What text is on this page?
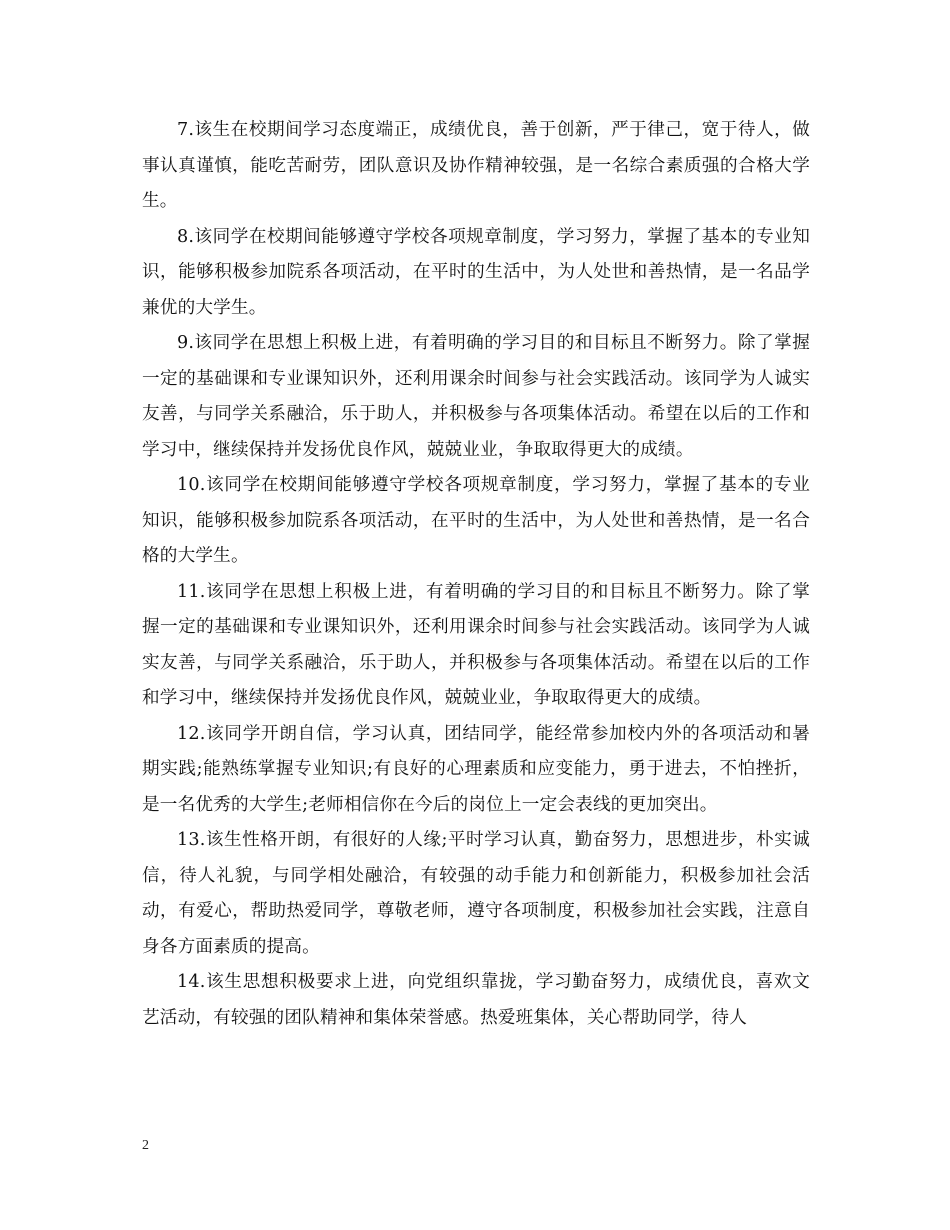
7.该生在校期间学习态度端正，成绩优良，善于创新，严于律己，宽于待人，做事认真谨慎，能吃苦耐劳，团队意识及协作精神较强，是一名综合素质强的合格大学生。

8.该同学在校期间能够遵守学校各项规章制度，学习努力，掌握了基本的专业知识，能够积极参加院系各项活动，在平时的生活中，为人处世和善热情，是一名品学兼优的大学生。

9.该同学在思想上积极上进，有着明确的学习目的和目标且不断努力。除了掌握一定的基础课和专业课知识外，还利用课余时间参与社会实践活动。该同学为人诚实友善，与同学关系融洽，乐于助人，并积极参与各项集体活动。希望在以后的工作和学习中，继续保持并发扬优良作风，兢兢业业，争取取得更大的成绩。

10.该同学在校期间能够遵守学校各项规章制度，学习努力，掌握了基本的专业知识，能够积极参加院系各项活动，在平时的生活中，为人处世和善热情，是一名合格的大学生。

11.该同学在思想上积极上进，有着明确的学习目的和目标且不断努力。除了掌握一定的基础课和专业课知识外，还利用课余时间参与社会实践活动。该同学为人诚实友善，与同学关系融洽，乐于助人，并积极参与各项集体活动。希望在以后的工作和学习中，继续保持并发扬优良作风，兢兢业业，争取取得更大的成绩。

12.该同学开朗自信，学习认真，团结同学，能经常参加校内外的各项活动和暑期实践;能熟练掌握专业知识;有良好的心理素质和应变能力，勇于进去，不怕挫折，是一名优秀的大学生;老师相信你在今后的岗位上一定会表线的更加突出。

13.该生性格开朗，有很好的人缘;平时学习认真，勤奋努力，思想进步，朴实诚信，待人礼貌，与同学相处融洽，有较强的动手能力和创新能力，积极参加社会活动，有爱心，帮助热爱同学，尊敬老师，遵守各项制度，积极参加社会实践，注意自身各方面素质的提高。

14.该生思想积极要求上进，向党组织靠拢，学习勤奋努力，成绩优良，喜欢文艺活动，有较强的团队精神和集体荣誉感。热爱班集体，关心帮助同学，待人

2
